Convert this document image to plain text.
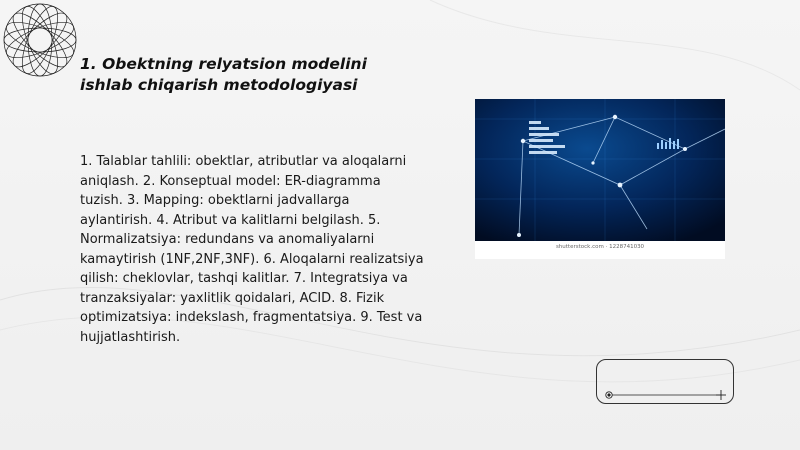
1. Obektning relyatsion modelini ishlab chiqarish metodologiyasi
1. Talablar tahlili: obektlar, atributlar va aloqalarni aniqlash. 2. Konseptual model: ER-diagramma tuzish. 3. Mapping: obektlarni jadvallarga aylantirish. 4. Atribut va kalitlarni belgilash. 5. Normalizatsiya: redundans va anomaliyalarni kamaytirish (1NF,2NF,3NF). 6. Aloqalarni realizatsiya qilish: cheklovlar, tashqi kalitlar. 7. Integratsiya va tranzaksiyalar: yaxlitlik qoidalari, ACID. 8. Fizik optimizatsiya: indekslash, fragmentatsiya. 9. Test va hujjatlashtirish.
shutterstock.com · 1228741030
